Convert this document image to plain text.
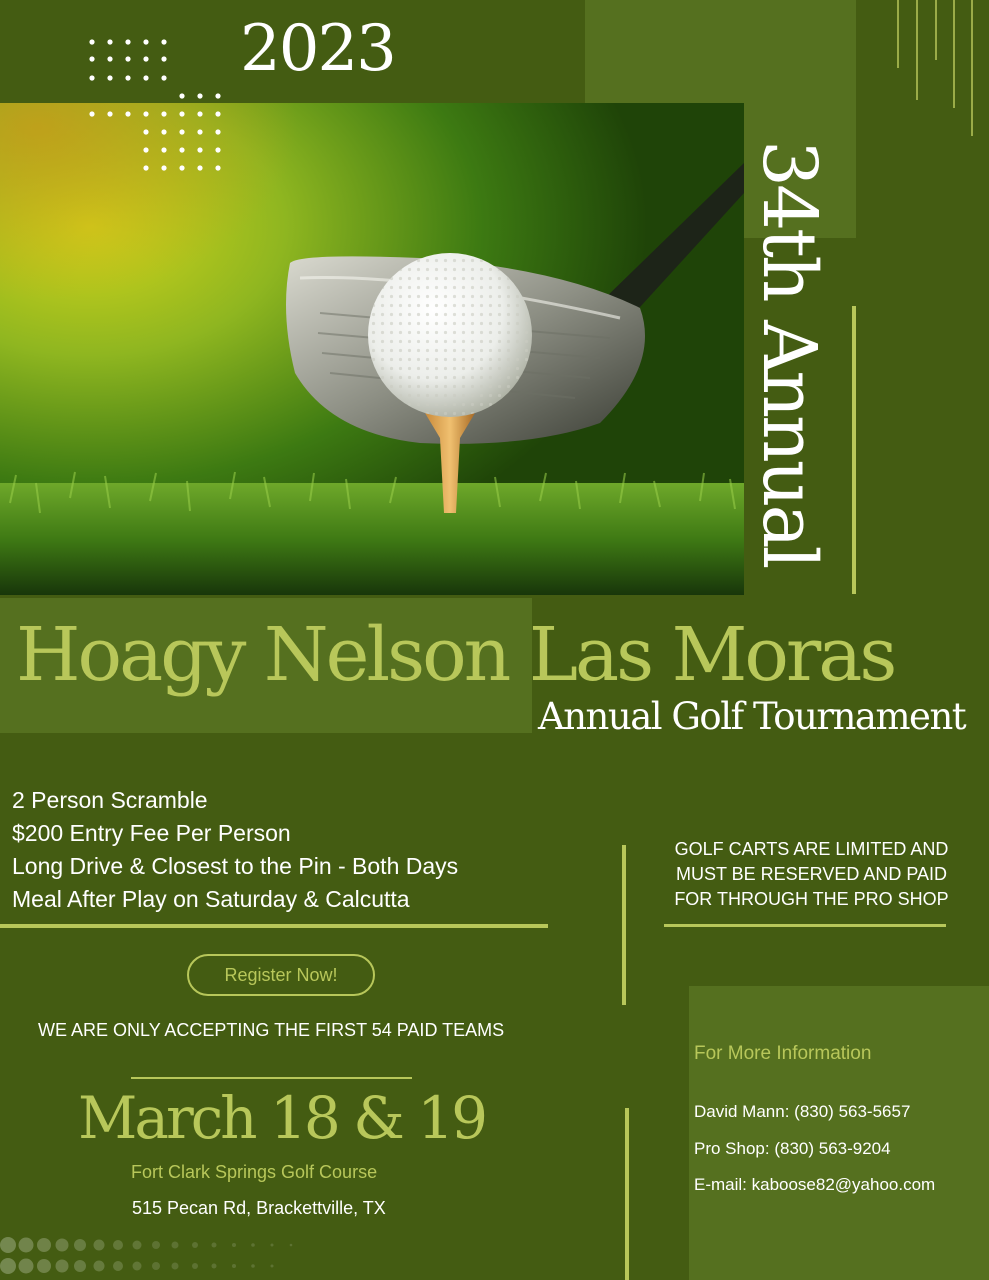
2023
34th Annual
Hoagy Nelson Las Moras
Annual Golf Tournament
2 Person Scramble
$200 Entry Fee Per Person
Long Drive & Closest to the Pin - Both Days
Meal After Play on Saturday & Calcutta
GOLF CARTS ARE LIMITED AND
MUST BE RESERVED AND PAID
FOR THROUGH THE PRO SHOP
Register Now!
WE ARE ONLY ACCEPTING THE FIRST 54 PAID TEAMS
March 18 & 19
Fort Clark Springs Golf Course
515 Pecan Rd, Brackettville, TX
For More Information
David Mann: (830) 563-5657
Pro Shop: (830) 563-9204
E-mail: kaboose82@yahoo.com
